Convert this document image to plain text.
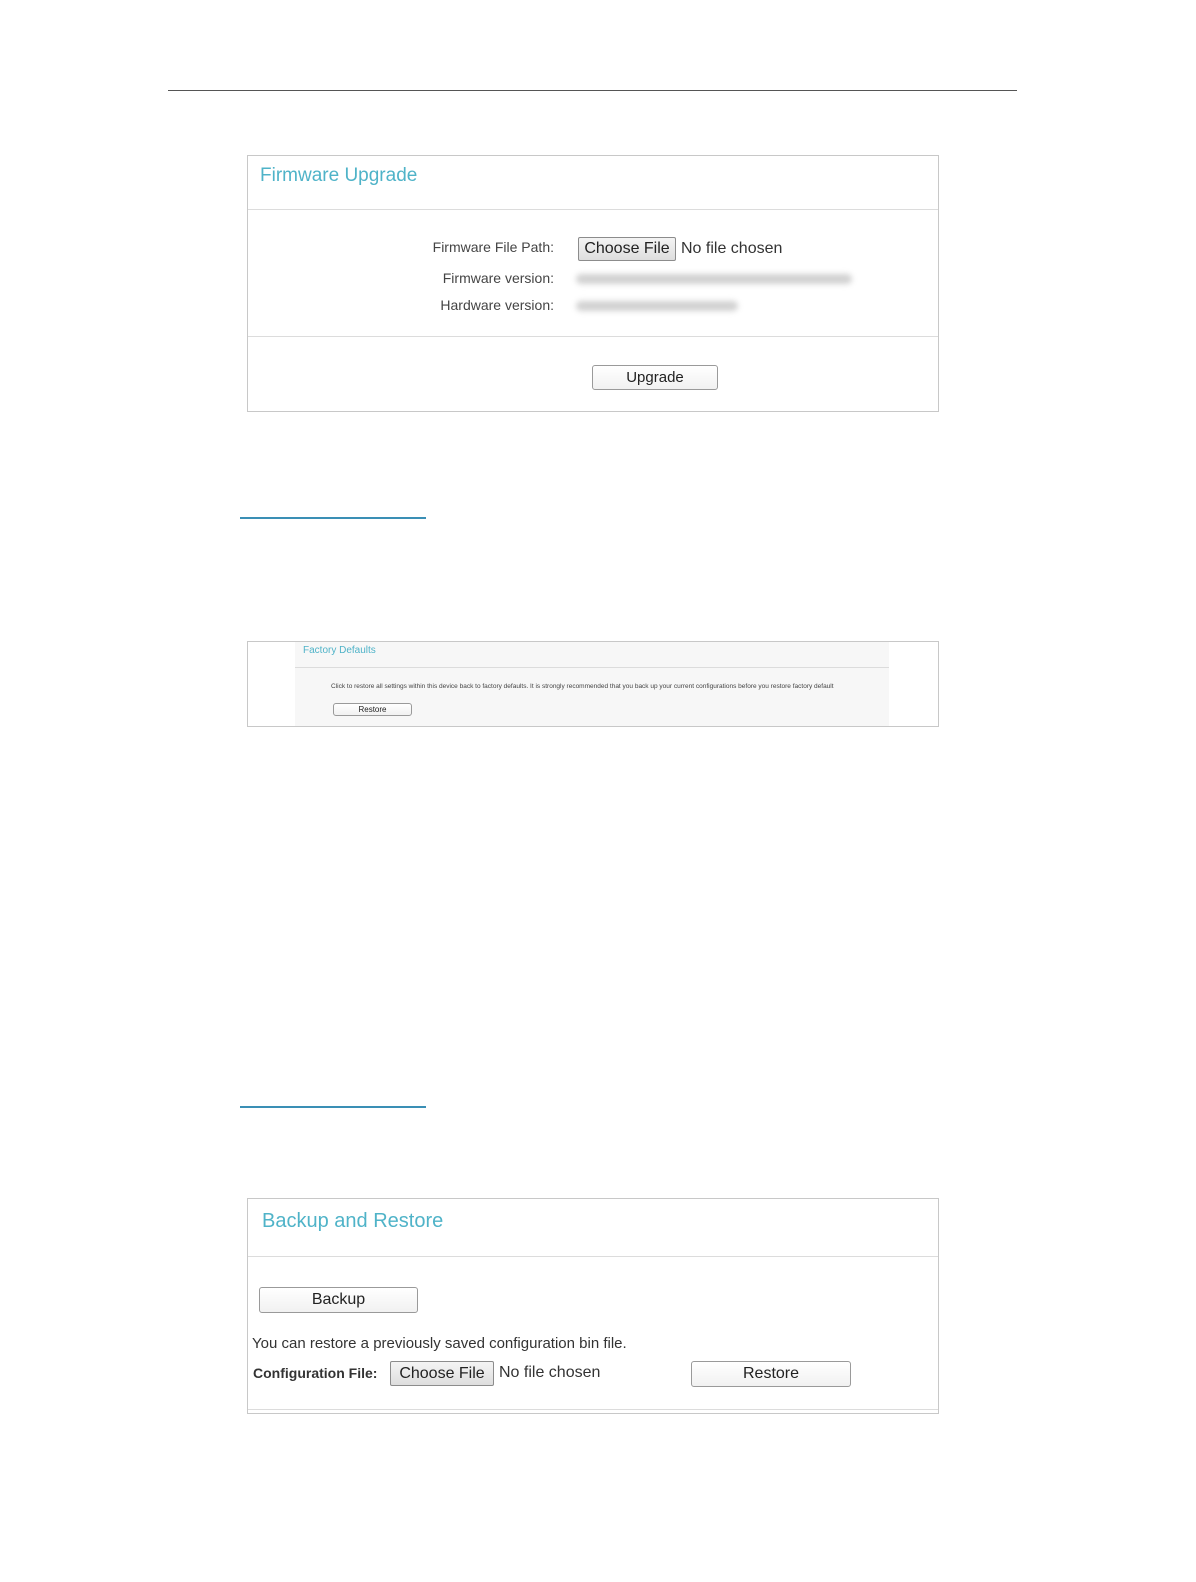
Firmware Upgrade
Firmware File Path:	Choose File No file chosen
Firmware version:
Hardware version:
Upgrade
Factory Defaults
Click to restore all settings within this device back to factory defaults. It is strongly recommended that you back up your current configurations before you restore factory default
Restore
Backup and Restore
Backup
You can restore a previously saved configuration bin file.
Configuration File:	Choose File No file chosen	Restore
